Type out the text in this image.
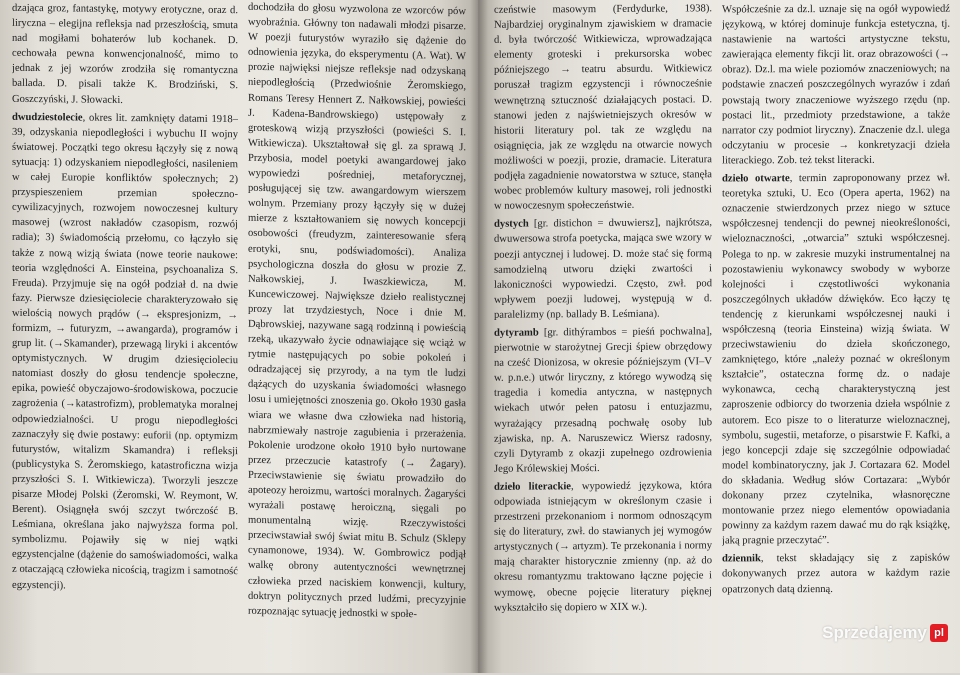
dzająca groz, fantastykę, motywy erotyczne, oraz d. liryczna – elegijna refleksja nad przeszłością, smuta nad mogiłami bohaterów lub kochanek. D. cechowała pewna konwencjonalność, mimo to jednak z jej wzorów zrodziła się romantyczna ballada. D. pisali także K. Brodziński, S. Goszczyński, J. Słowacki.

dwudziestolecie, okres lit. zamknięty datami 1918–39, odzyskania niepodległości i wybuchu II wojny światowej. Początki tego okresu łączyły się z nową sytuacją: 1) odzyskaniem niepodległości, nasileniem w całej Europie konfliktów społecznych; 2) przyspieszeniem przemian społeczno-cywilizacyjnych, rozwojem nowoczesnej kultury masowej (wzrost nakładów czasopism, rozwój radia); 3) świadomością przełomu, co łączyło się także z nową wizją świata (nowe teorie naukowe: teoria względności A. Einsteina, psychoanaliza S. Freuda). Przyjmuje się na ogół podział d. na dwie fazy. Pierwsze dziesięciolecie charakteryzowało się wielością nowych prądów (→ ekspresjonizm, → formizm, → futuryzm, →awangarda), programów i grup lit. (→Skamander), przewagą liryki i akcentów optymistycznych. W drugim dziesięcioleciu natomiast doszły do głosu tendencje społeczne, epika, powieść obyczajowo-środowiskowa, poczucie zagrożenia (→katastrofizm), problematyka moralnej odpowiedzialności. U progu niepodległości zaznaczyły się dwie postawy: euforii (np. optymizm futurystów, witalizm Skamandra) i refleksji (publicystyka S. Żeromskiego, katastroficzna wizja przyszłości S. I. Witkiewicza). Tworzyli jeszcze pisarze Młodej Polski (Żeromski, W. Reymont, W. Berent). Osiągnęła swój szczyt twórczość B. Leśmiana, określana jako najwyższa forma pol. symbolizmu. Pojawiły się w niej wątki egzystencjalne (dążenie do samoświadomości, walka z otaczającą człowieka nicością, tragizm i samotność egzystencji).

dochodziła do głosu wyzwolona ze wzorców pów wyobraźnia. Główny ton nadawali młodzi pisarze. W poezji futurystów wyraziło się dążenie do odnowienia języka, do eksperymentu (A. Wat). W prozie najwięksi niejsze refleksje nad odzyskaną niepodległością (Przedwiośnie Żeromskiego, Romans Teresy Hennert Z. Nałkowskiej, powieści J. Kadena-Bandrowskiego) ustępowały z groteskową wizją przyszłości (powieści S. I. Witkiewicza). Ukształtował się gl. za sprawą J. Przybosia, model poetyki awangardowej jako wypowiedzi pośredniej, metaforycznej, posługującej się tzw. awangardowym wierszem wolnym. Przemiany prozy łączyły się w dużej mierze z kształtowaniem się nowych koncepcji osobowości (freudyzm, zainteresowanie sferą erotyki, snu, podświadomości). Analiza psychologiczna doszła do głosu w prozie Z. Nałkowskiej, J. Iwaszkiewicza, M. Kuncewiczowej. Największe dzieło realistycznej prozy lat trzydziestych, Noce i dnie M. Dąbrowskiej, nazywane sagą rodzinną i powieścią rzeką, ukazywało życie odnawiające się wciąż w rytmie następujących po sobie pokoleń i odradzającej się przyrody, a na tym tle ludzi dążących do uzyskania świadomości własnego losu i umiejętności znoszenia go. Około 1930 gasła wiara we własne dwa człowieka nad historią, nabrzmiewały nastroje zagubienia i przerażenia. Pokolenie urodzone około 1910 było nurtowane przez przeczucie katastrofy (→ Żagary). Przeciwstawienie się światu prowadziło do apoteozy heroizmu, wartości moralnych. Żagaryści wyrażali postawę heroiczną, sięgali po monumentalną wizję. Rzeczywistości przeciwstawiał swój świat mitu B. Schulz (Sklepy cynamonowe, 1934). W. Gombrowicz podjął walkę obrony autentyczności wewnętrznej człowieka przed naciskiem konwencji, kultury, doktryn politycznych przed ludźmi, precyzyjnie rozpoznając sytuację jednostki w społe-

czeństwie masowym (Ferdydurke, 1938). Najbardziej oryginalnym zjawiskiem w dramacie d. była twórczość Witkiewicza, wprowadzająca elementy groteski i prekursorska wobec późniejszego → teatru absurdu. Witkiewicz poruszał tragizm egzystencji i równocześnie wewnętrzną sztuczność działających postaci. D. stanowi jeden z najświetniejszych okresów w historii literatury pol. tak ze względu na osiągnięcia, jak ze względu na otwarcie nowych możliwości w poezji, prozie, dramacie. Literatura podjęła zagadnienie nowatorstwa w sztuce, stanęła wobec problemów kultury masowej, roli jednostki w nowoczesnym społeczeństwie.

dystych [gr. distichon = dwuwiersz], najkrótsza, dwuwersowa strofa poetycka, mająca swe wzory w poezji antycznej i ludowej. D. może stać się formą samodzielną utworu dzięki zwartości i lakoniczności wypowiedzi. Często, zwł. pod wpływem poezji ludowej, występują w d. paralelizmy (np. ballady B. Leśmiana).

dytyramb [gr. dithýrambos = pieśń pochwalna], pierwotnie w starożytnej Grecji śpiew obrzędowy na cześć Dionizosa, w okresie późniejszym (VI–V w. p.n.e.) utwór liryczny, z którego wywodzą się tragedia i komedia antyczna, w następnych wiekach utwór pełen patosu i entuzjazmu, wyrażający przesadną pochwałę osoby lub zjawiska, np. A. Naruszewicz Wiersz radosny, czyli Dytyramb z okazji zupełnego ozdrowienia Jego Królewskiej Mości.

dzieło literackie, wypowiedź językowa, która odpowiada istniejącym w określonym czasie i przestrzeni przekonaniom i normom odnoszącym się do literatury, zwł. do stawianych jej wymogów artystycznych (→ artyzm). Te przekonania i normy mają charakter historycznie zmienny (np. aż do okresu romantyzmu traktowano łączne pojęcie i wymowę, obecne pojęcie literatury pięknej wykształciło się dopiero w XIX w.).

Współcześnie za dz.l. uznaje się na ogół wypowiedź językową, w której dominuje funkcja estetyczna, tj. nastawienie na wartości artystyczne tekstu, zawierająca elementy fikcji lit. oraz obrazowości (→ obraz). Dz.l. ma wiele poziomów znaczeniowych; na podstawie znaczeń poszczególnych wyrazów i zdań powstają twory znaczeniowe wyższego rzędu (np. postaci lit., przedmioty przedstawione, a także narrator czy podmiot liryczny). Znaczenie dz.l. ulega odczytaniu w procesie → konkretyzacji dzieła literackiego. Zob. też tekst literacki.

dzieło otwarte, termin zaproponowany przez wł. teoretyka sztuki, U. Eco (Opera aperta, 1962) na oznaczenie stwierdzonych przez niego w sztuce współczesnej tendencji do pewnej nieokreśloności, wieloznaczności, „otwarcia” sztuki współczesnej. Polega to np. w zakresie muzyki instrumentalnej na pozostawieniu wykonawcy swobody w wyborze kolejności i częstotliwości wykonania poszczególnych układów dźwięków. Eco łączy tę tendencję z kierunkami współczesnej nauki i współczesną (teoria Einsteina) wizją świata. W przeciwstawieniu do dzieła skończonego, zamkniętego, które „należy poznać w określonym kształcie”, ostateczna formę dz. o nadaje wykonawca, cechą charakterystyczną jest zaproszenie odbiorcy do tworzenia dzieła wspólnie z autorem. Eco pisze to o literaturze wieloznacznej, symbolu, sugestii, metaforze, o pisarstwie F. Kafki, a jego koncepcji zdaje się szczególnie odpowiadać model kombinatoryczny, jak J. Cortazara 62. Model do składania. Według słów Cortazara: „Wybór dokonany przez czytelnika, własnoręczne montowanie przez niego elementów opowiadania powinny za każdym razem dawać mu do rąk książkę, jaką pragnie przeczytać”.

dziennik, tekst składający się z zapisków dokonywanych przez autora w każdym razie opatrzonych datą dzienną.

Sprzedajemy pl
